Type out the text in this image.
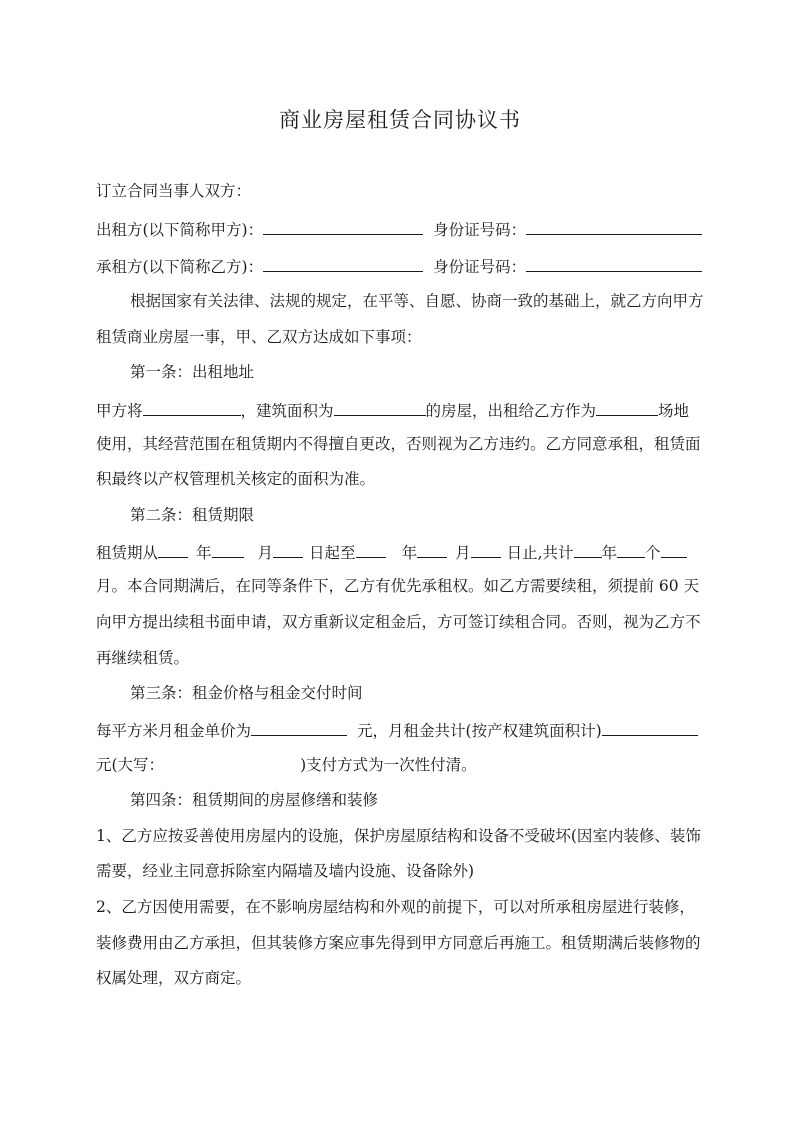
商业房屋租赁合同协议书
订立合同当事人双方：
出租方(以下简称甲方)：	身份证号码：
承租方(以下简称乙方)：	身份证号码：
根据国家有关法律、法规的规定，在平等、自愿、协商一致的基础上，就乙方向甲方
租赁商业房屋一事，甲、乙双方达成如下事项：
第一条：出租地址
甲方将	，建筑面积为	的房屋，出租给乙方作为	场地
使用，其经营范围在租赁期内不得擅自更改，否则视为乙方违约。乙方同意承租，租赁面
积最终以产权管理机关核定的面积为准。
第二条：租赁期限
租赁期从 年	月 日起至	年 月 日止,共计 年 个
月。本合同期满后，在同等条件下，乙方有优先承租权。如乙方需要续租，须提前 60 天
向甲方提出续租书面申请，双方重新议定租金后，方可签订续租合同。否则，视为乙方不
再继续租赁。
第三条：租金价格与租金交付时间
每平方米月租金单价为	元，月租金共计(按产权建筑面积计)
元(大写：	)支付方式为一次性付清。
第四条：租赁期间的房屋修缮和装修
1、乙方应按妥善使用房屋内的设施，保护房屋原结构和设备不受破坏(因室内装修、装饰
需要，经业主同意拆除室内隔墙及墙内设施、设备除外)
2、乙方因使用需要，在不影响房屋结构和外观的前提下，可以对所承租房屋进行装修，
装修费用由乙方承担，但其装修方案应事先得到甲方同意后再施工。租赁期满后装修物的
权属处理，双方商定。
